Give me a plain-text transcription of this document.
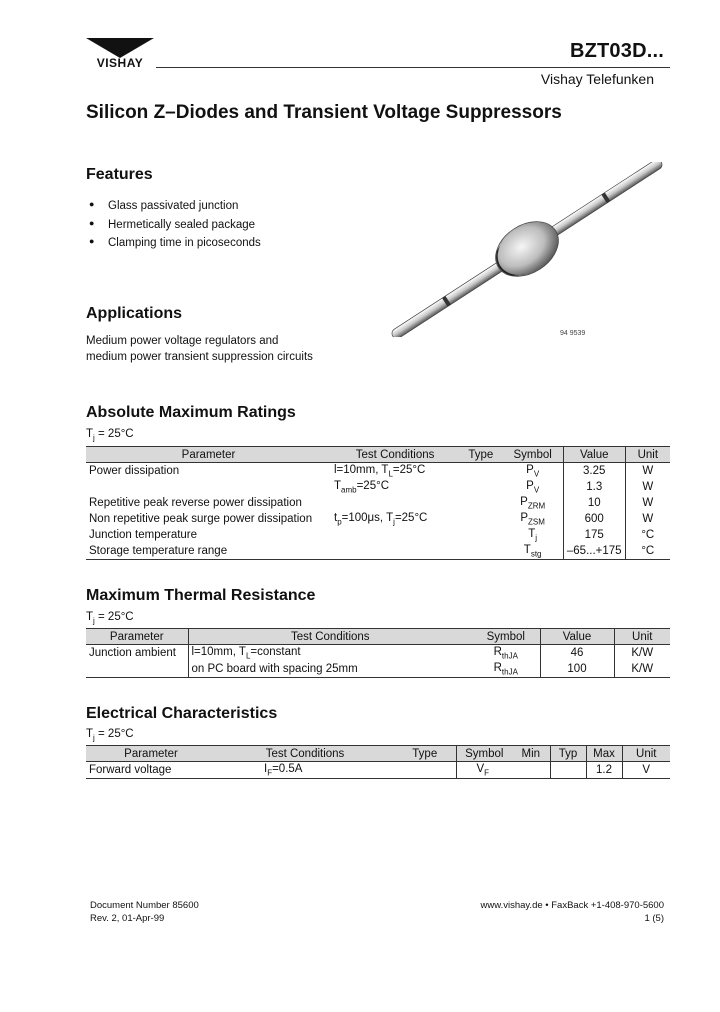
VISHAY
BZT03D...
Vishay Telefunken
Silicon Z–Diodes and Transient Voltage Suppressors
Features
● Glass passivated junction
● Hermetically sealed package
● Clamping time in picoseconds
94 9539
Applications
Medium power voltage regulators and
medium power transient suppression circuits
Absolute Maximum Ratings
$T_j = 25^\circ C$
Parameter	Test Conditions	Type	Symbol	Value	Unit
Power dissipation	l=10mm, $T_L=25^\circ C$		$P_V$	3.25	W
	$T_{amb}=25^\circ C$		$P_V$	1.3	W
Repetitive peak reverse power dissipation			$P_{ZRM}$	10	W
Non repetitive peak surge power dissipation	$t_p=100\mu s$, $T_j=25^\circ C$		$P_{ZSM}$	600	W
Junction temperature			$T_j$	175	°C
Storage temperature range			$T_{stg}$	–65...+175	°C
Maximum Thermal Resistance
$T_j = 25^\circ C$
Parameter	Test Conditions	Symbol	Value	Unit
Junction ambient	l=10mm, $T_L=constant$	$R_{thJA}$	46	K/W
	on PC board with spacing 25mm	$R_{thJA}$	100	K/W
Electrical Characteristics
$T_j = 25^\circ C$
Parameter	Test Conditions	Type	Symbol	Min	Typ	Max	Unit
Forward voltage	$I_F=0.5A$		$V_F$			1.2	V
Document Number 85600
Rev. 2, 01-Apr-99
www.vishay.de • FaxBack +1-408-970-5600
1 (5)
